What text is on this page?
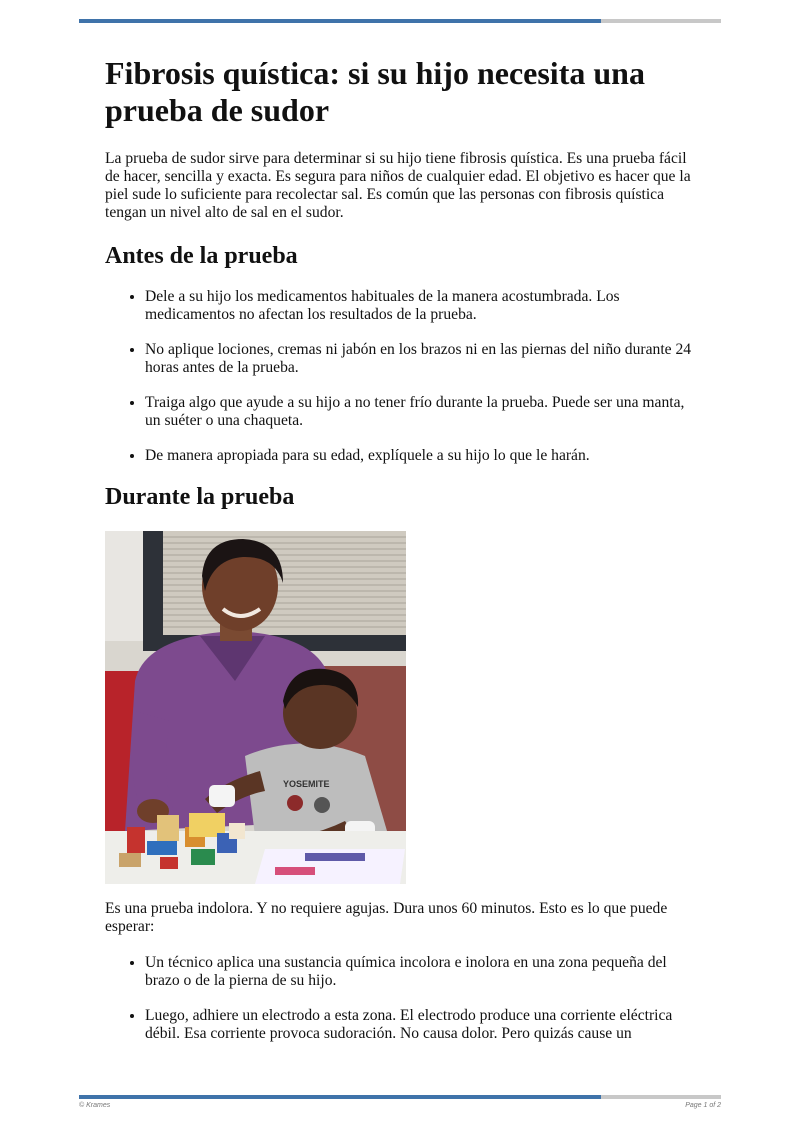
Fibrosis quística: si su hijo necesita una prueba de sudor

La prueba de sudor sirve para determinar si su hijo tiene fibrosis quística. Es una prueba fácil de hacer, sencilla y exacta. Es segura para niños de cualquier edad. El objetivo es hacer que la piel sude lo suficiente para recolectar sal. Es común que las personas con fibrosis quística tengan un nivel alto de sal en el sudor.

Antes de la prueba
• Dele a su hijo los medicamentos habituales de la manera acostumbrada. Los medicamentos no afectan los resultados de la prueba.
• No aplique lociones, cremas ni jabón en los brazos ni en las piernas del niño durante 24 horas antes de la prueba.
• Traiga algo que ayude a su hijo a no tener frío durante la prueba. Puede ser una manta, un suéter o una chaqueta.
• De manera apropiada para su edad, explíquele a su hijo lo que le harán.
Durante la prueba
YOSEMITE

Es una prueba indolora. Y no requiere agujas. Dura unos 60 minutos. Esto es lo que puede esperar:

• Un técnico aplica una sustancia química incolora e inolora en una zona pequeña del brazo o de la pierna de su hijo.
• Luego, adhiere un electrodo a esta zona. El electrodo produce una corriente eléctrica débil. Esa corriente provoca sudoración. No causa dolor. Pero quizás cause un
© Krames	Page 1 of 2
